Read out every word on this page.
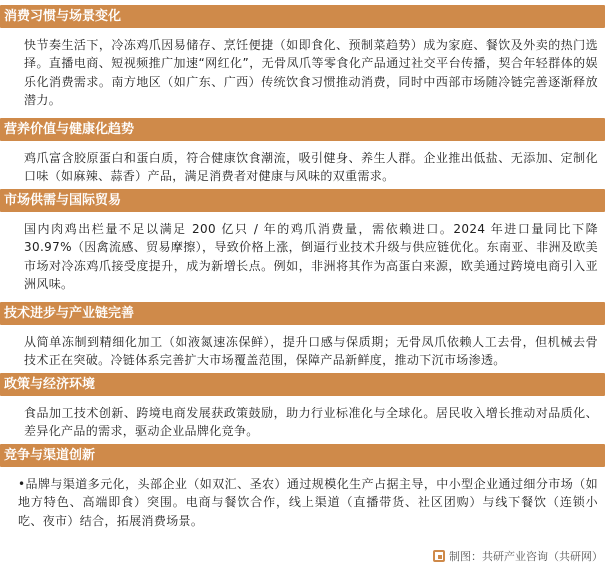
消费习惯与场景变化

快节奏生活下，冷冻鸡爪因易储存、烹饪便捷（如即食化、预制菜趋势）成为家庭、餐饮及外卖的热门选择。直播电商、短视频推广加速“网红化”，无骨凤爪等零食化产品通过社交平台传播，契合年轻群体的娱乐化消费需求。南方地区（如广东、广西）传统饮食习惯推动消费，同时中西部市场随冷链完善逐渐释放潜力。

营养价值与健康化趋势

鸡爪富含胶原蛋白和蛋白质，符合健康饮食潮流，吸引健身、养生人群。企业推出低盐、无添加、定制化口味（如麻辣、蒜香）产品，满足消费者对健康与风味的双重需求。

市场供需与国际贸易

国内肉鸡出栏量不足以满足 200 亿只 / 年的鸡爪消费量，需依赖进口。2024 年进口量同比下降 30.97%（因禽流感、贸易摩擦），导致价格上涨，倒逼行业技术升级与供应链优化。东南亚、非洲及欧美市场对冷冻鸡爪接受度提升，成为新增长点。例如，非洲将其作为高蛋白来源，欧美通过跨境电商引入亚洲风味。

技术进步与产业链完善

从简单冻制到精细化加工（如液氮速冻保鲜），提升口感与保质期；无骨凤爪依赖人工去骨，但机械去骨技术正在突破。冷链体系完善扩大市场覆盖范围，保障产品新鲜度，推动下沉市场渗透。

政策与经济环境

食品加工技术创新、跨境电商发展获政策鼓励，助力行业标准化与全球化。居民收入增长推动对品质化、差异化产品的需求，驱动企业品牌化竞争。

竞争与渠道创新

•品牌与渠道多元化，头部企业（如双汇、圣农）通过规模化生产占据主导，中小型企业通过细分市场（如地方特色、高端即食）突围。电商与餐饮合作，线上渠道（直播带货、社区团购）与线下餐饮（连锁小吃、夜市）结合，拓展消费场景。

制图：共研产业咨询（共研网）
